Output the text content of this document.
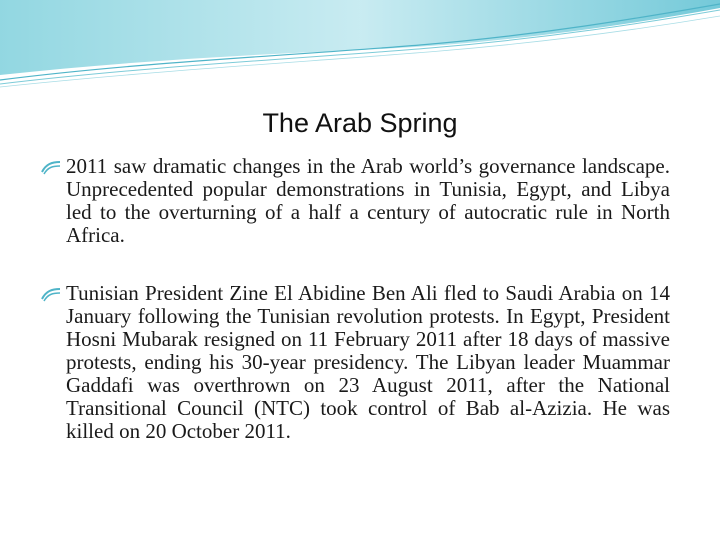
The Arab Spring
2011 saw dramatic changes in the Arab world’s governance landscape. Unprecedented popular demonstrations in Tunisia, Egypt, and Libya led to the overturning of a half a century of autocratic rule in North Africa.
Tunisian President Zine El Abidine Ben Ali fled to Saudi Arabia on 14 January following the Tunisian revolution protests. In Egypt, President Hosni Mubarak resigned on 11 February 2011 after 18 days of massive protests, ending his 30-year presidency. The Libyan leader Muammar Gaddafi was overthrown on 23 August 2011, after the National Transitional Council (NTC) took control of Bab al-Azizia. He was killed on 20 October 2011.
